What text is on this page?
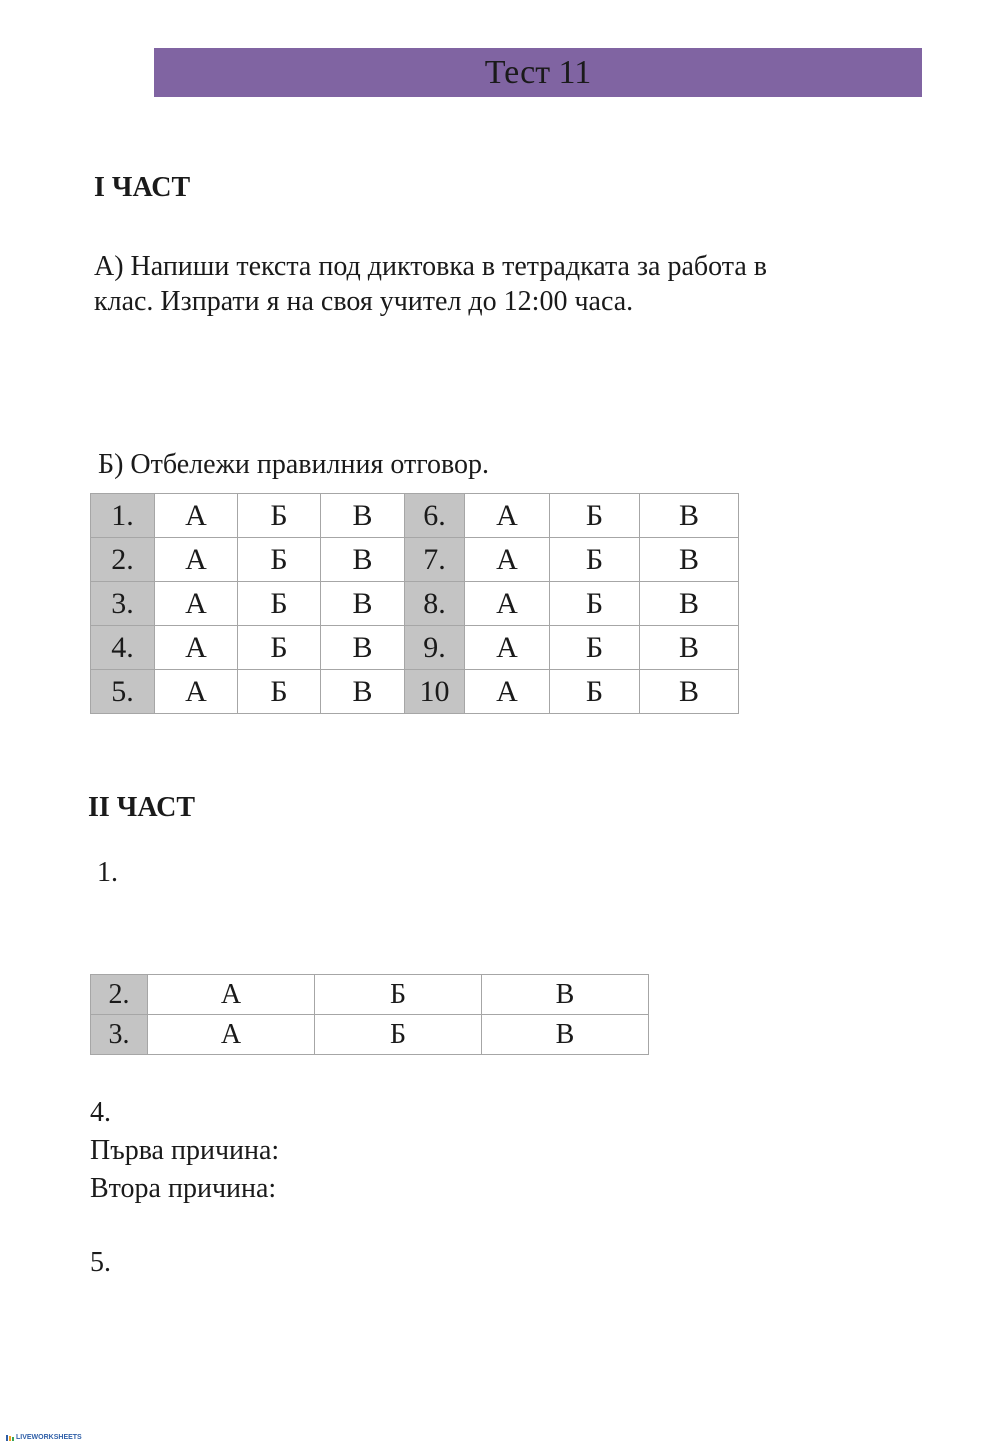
Тест 11
I ЧАСТ
А) Напиши текста под диктовка в тетрадката за работа в
клас. Изпрати я на своя учител до 12:00 часа.
Б) Отбележи правилния отговор.
1.	А	Б	В	6.	А	Б	В
2.	А	Б	В	7.	А	Б	В
3.	А	Б	В	8.	А	Б	В
4.	А	Б	В	9.	А	Б	В
5.	А	Б	В	10	А	Б	В
II ЧАСТ
1.
2.	А	Б	В
3.	А	Б	В
4.
Първа причина:
Втора причина:
5.
LIVEWORKSHEETS
